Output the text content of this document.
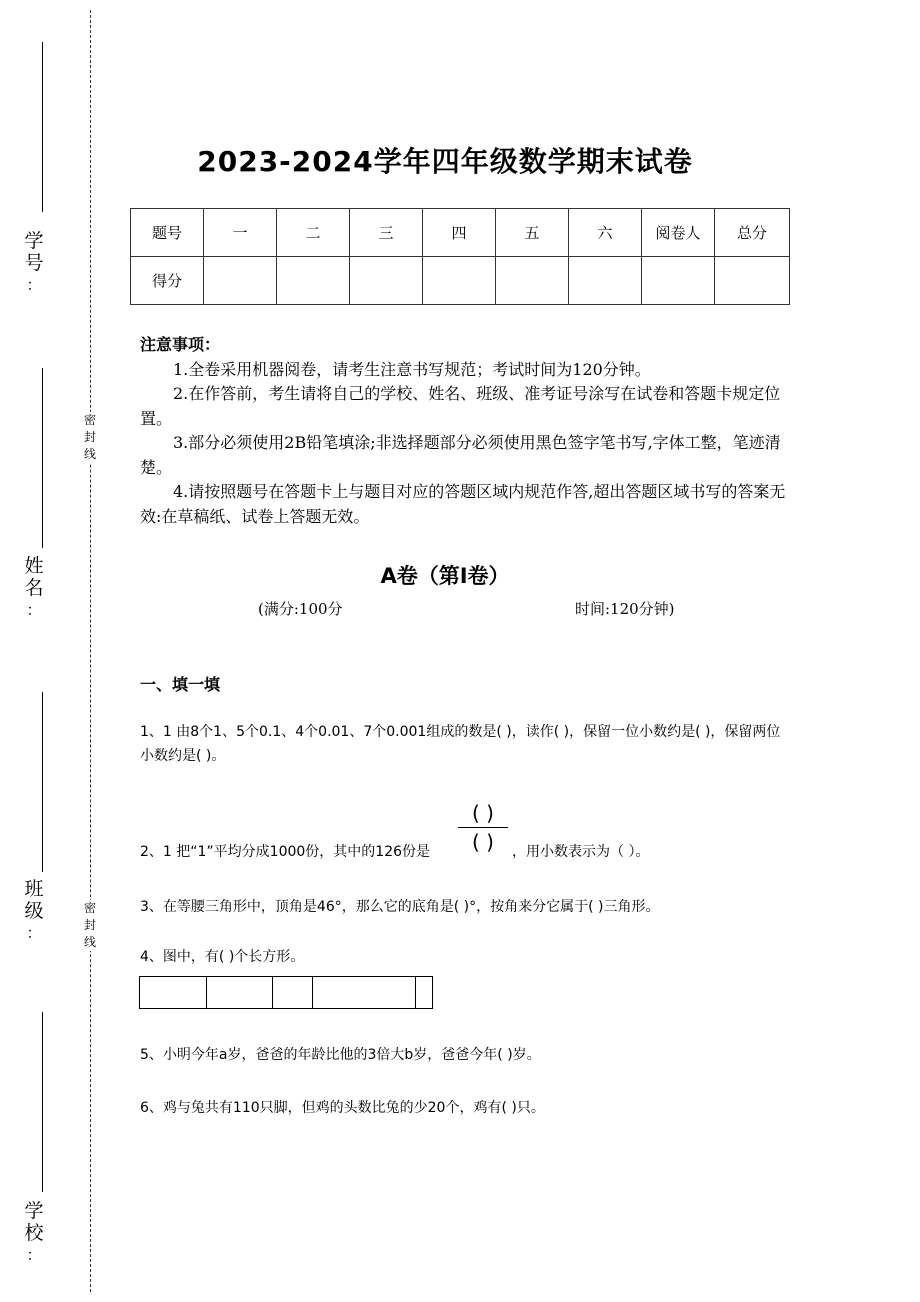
学
号
：
姓
名
：
班
级
：
学
校
：
密
封
线
密
封
线
2023-2024学年四年级数学期末试卷
题号	一	二	三	四	五	六	阅卷人	总分
得分								
注意事项：

1.全卷采用机器阅卷，请考生注意书写规范；考试时间为120分钟。

2.在作答前，考生请将自己的学校、姓名、班级、准考证号涂写在试卷和答题卡规定位置。

3.部分必须使用2B铅笔填涂;非选择题部分必须使用黑色签字笔书写,字体工整，笔迹清楚。

4.请按照题号在答题卡上与题目对应的答题区域内规范作答,超出答题区域书写的答案无效:在草稿纸、试卷上答题无效。

A卷（第I卷）
(满分:100分	时间:120分钟)
一、填一填
1、1 由8个1、5个0.1、4个0.01、7个0.001组成的数是( )，读作( )，保留一位小数约是( )，保留两位小数约是( )。
( )
( )
2、1 把“1”平均分成1000份，其中的126份是	，用小数表示为（ ）。
3、在等腰三角形中，顶角是46°，那么它的底角是( )°，按角来分它属于( )三角形。
4、图中，有( )个长方形。
5、小明今年a岁，爸爸的年龄比他的3倍大b岁，爸爸今年( )岁。
6、鸡与兔共有110只脚，但鸡的头数比兔的少20个，鸡有( )只。
